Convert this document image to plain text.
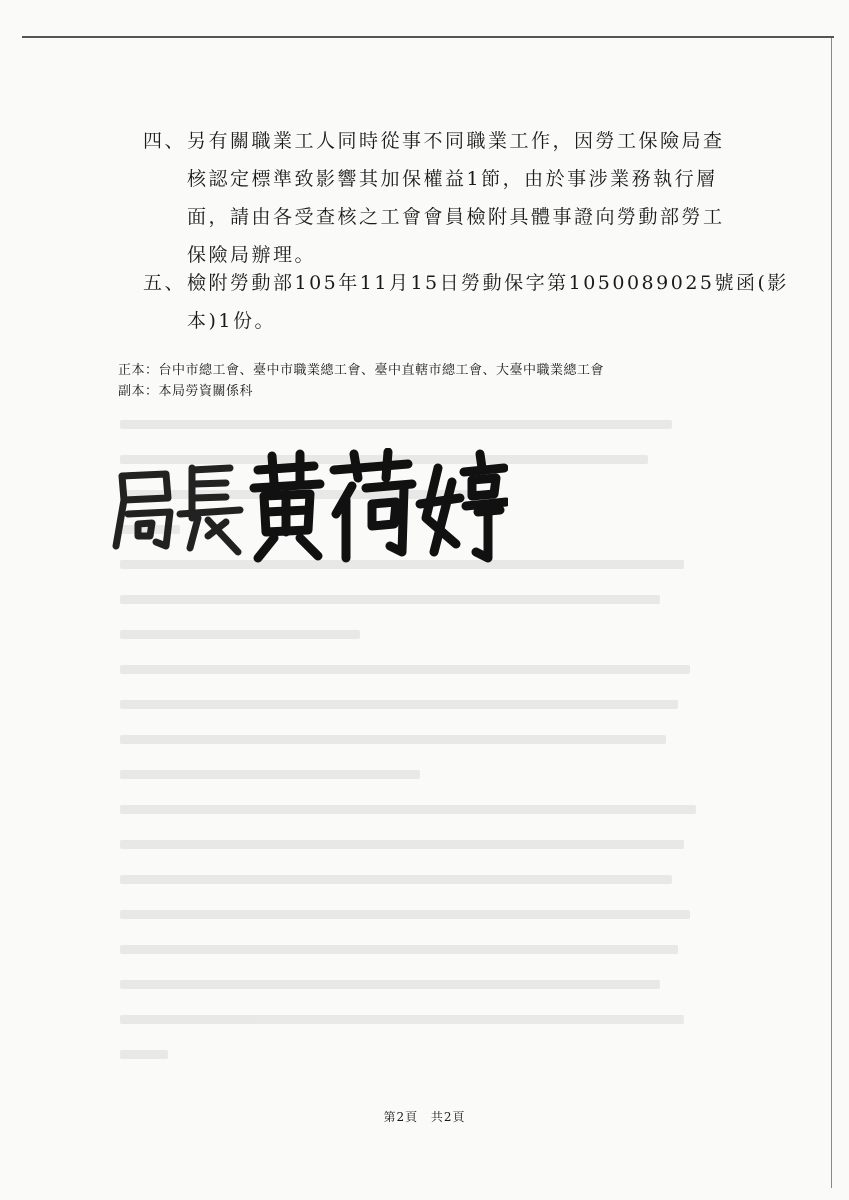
四、 另有關職業工人同時從事不同職業工作，因勞工保險局查
核認定標準致影響其加保權益1節，由於事涉業務執行層
面，請由各受查核之工會會員檢附具體事證向勞動部勞工
保險局辦理。
五、 檢附勞動部105年11月15日勞動保字第1050089025號函(影
本)1份。
正本：台中市總工會、臺中市職業總工會、臺中直轄市總工會、大臺中職業總工會
副本：本局勞資關係科
第2頁 共2頁
